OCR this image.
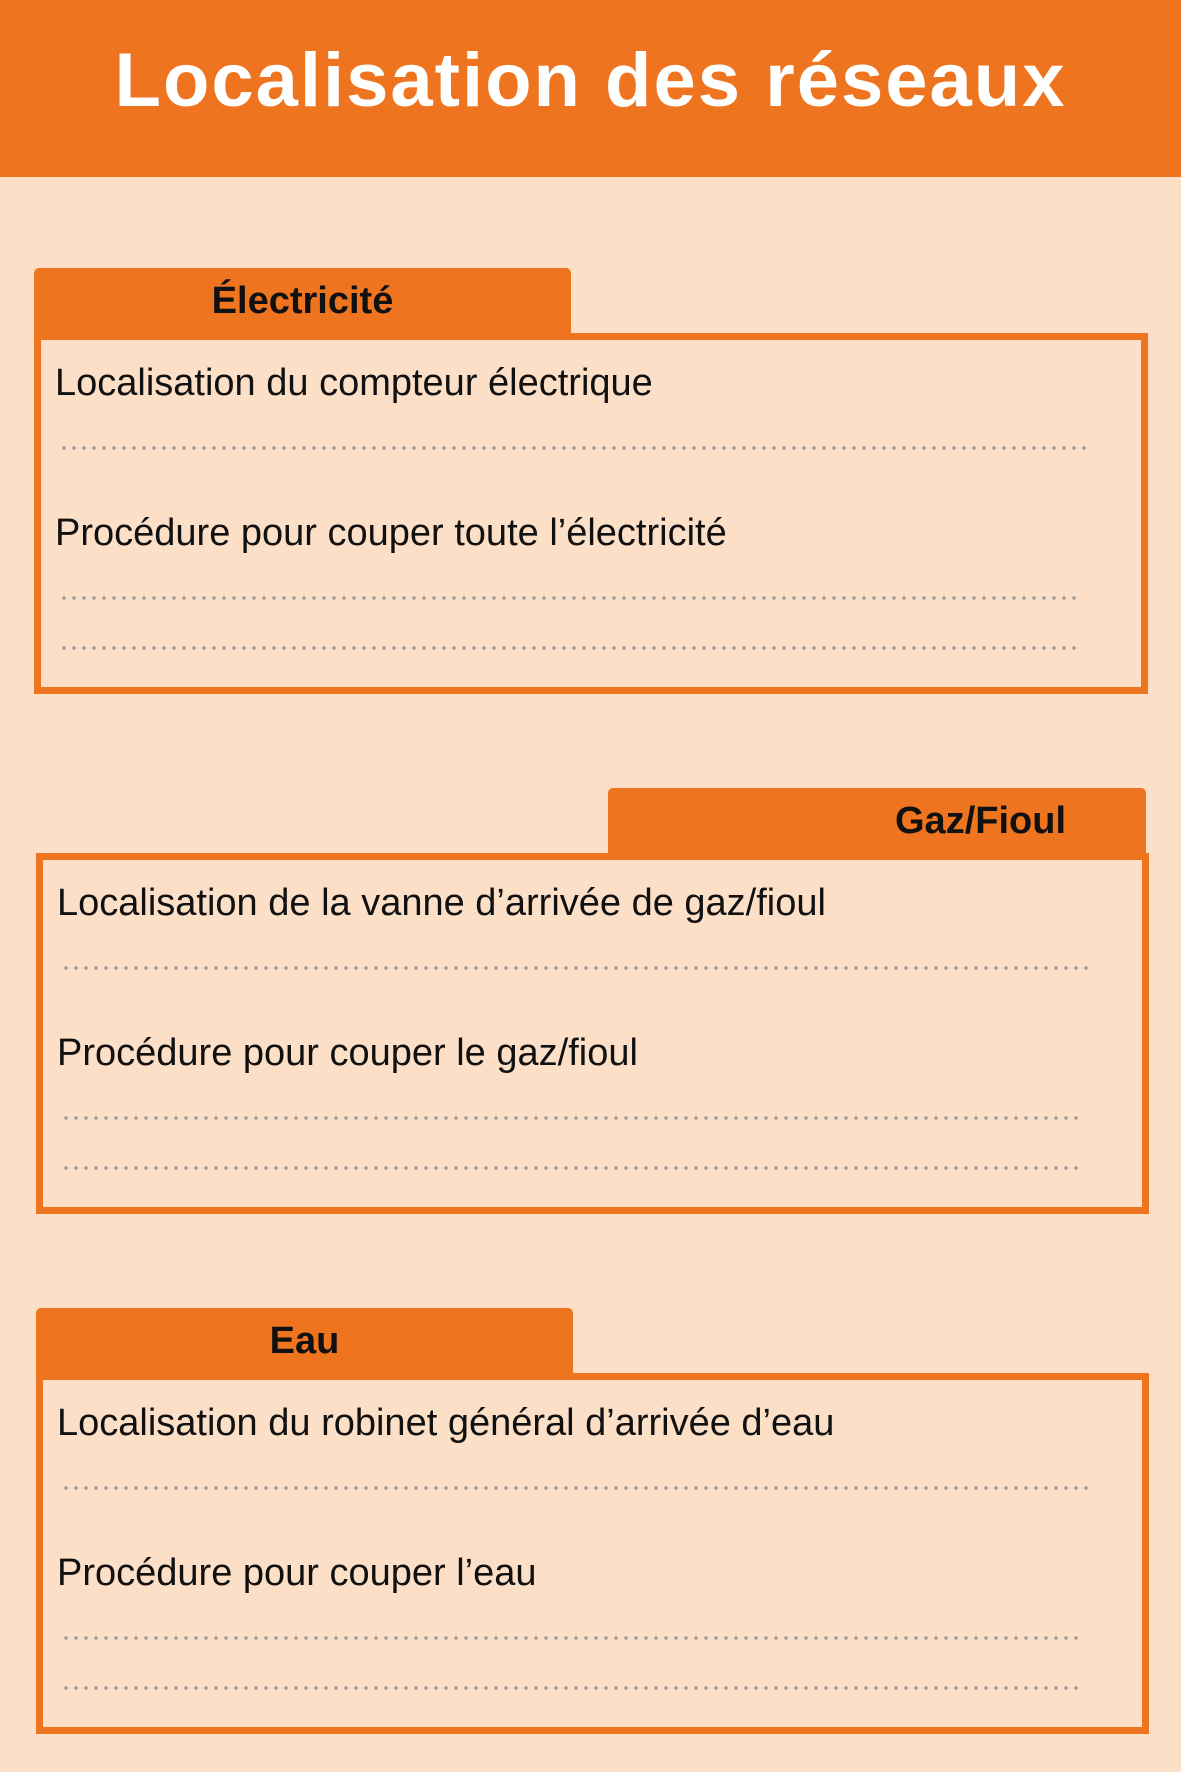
Localisation des réseaux
Électricité
Localisation du compteur électrique
Procédure pour couper toute l’électricité
Gaz/Fioul
Localisation de la vanne d’arrivée de gaz/fioul
Procédure pour couper le gaz/fioul
Eau
Localisation du robinet général d’arrivée d’eau
Procédure pour couper l’eau
